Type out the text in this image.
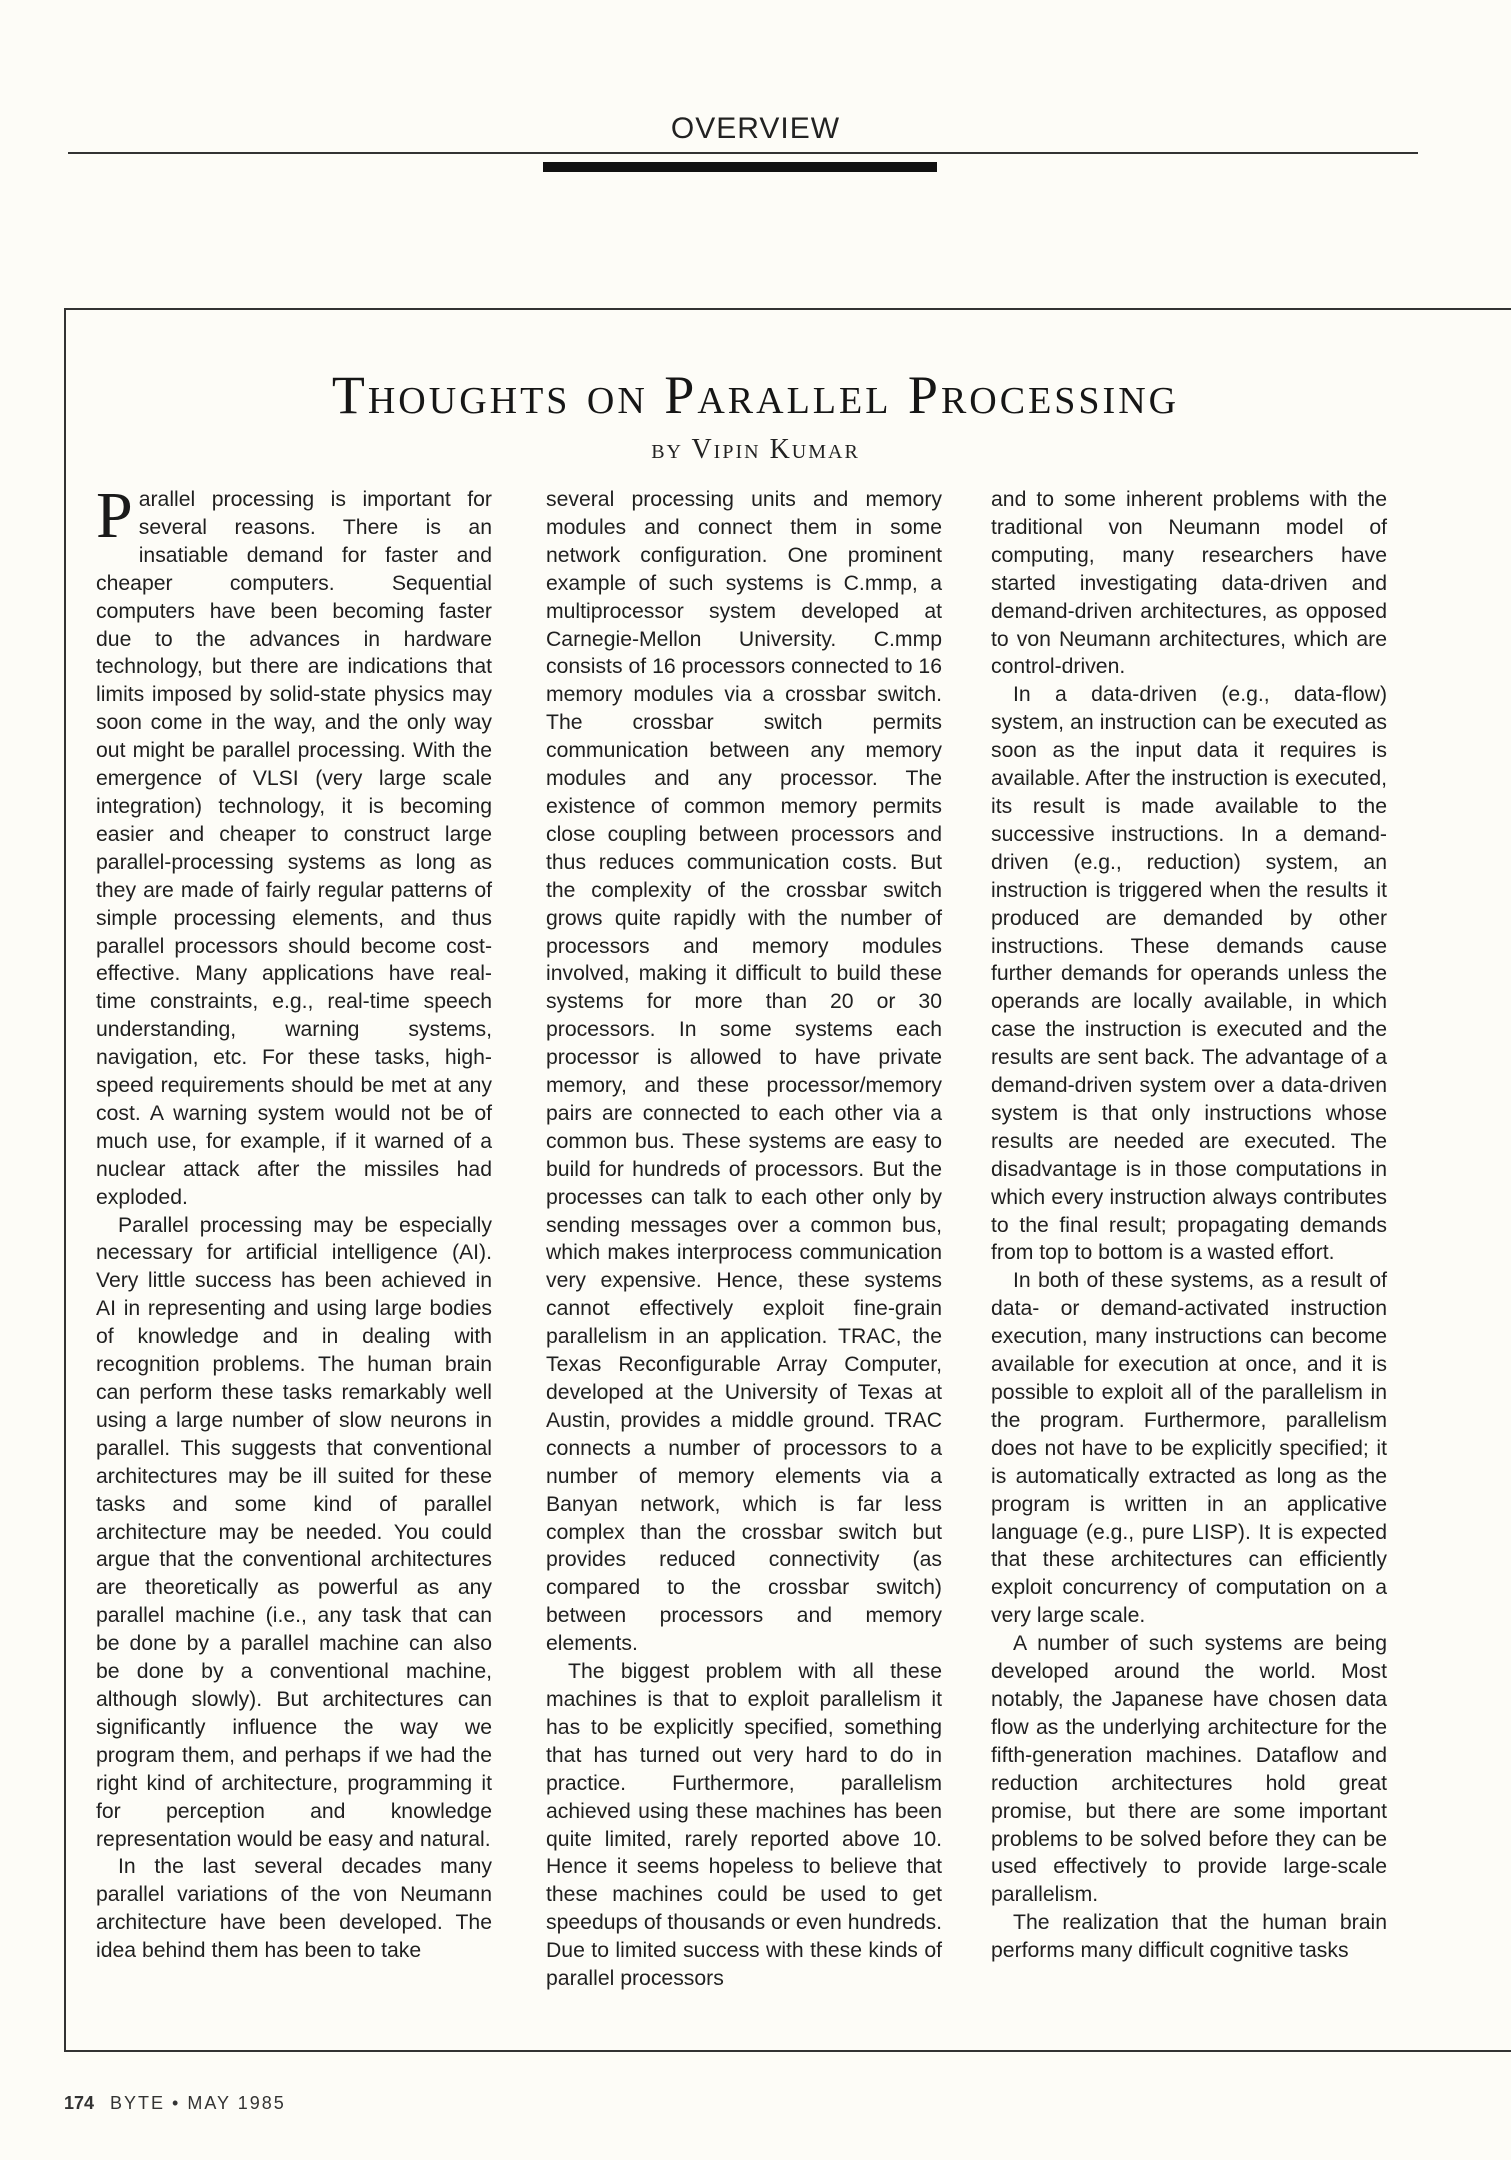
OVERVIEW
Thoughts on Parallel Processing
by Vipin Kumar

Parallel processing is important for several reasons. There is an insatiable demand for faster and cheaper computers. Sequential computers have been becoming faster due to the advances in hardware technology, but there are indications that limits imposed by solid-state physics may soon come in the way, and the only way out might be parallel processing. With the emergence of VLSI (very large scale integration) technology, it is becoming easier and cheaper to construct large parallel-processing systems as long as they are made of fairly regular patterns of simple processing elements, and thus parallel processors should become cost-effective. Many applications have real-time constraints, e.g., real-time speech understanding, warning systems, navigation, etc. For these tasks, high-speed requirements should be met at any cost. A warning system would not be of much use, for example, if it warned of a nuclear attack after the missiles had exploded.

Parallel processing may be especially necessary for artificial intelligence (AI). Very little success has been achieved in AI in representing and using large bodies of knowledge and in dealing with recognition problems. The human brain can perform these tasks remarkably well using a large number of slow neurons in parallel. This suggests that conventional architectures may be ill suited for these tasks and some kind of parallel architecture may be needed. You could argue that the conventional architectures are theoretically as powerful as any parallel machine (i.e., any task that can be done by a parallel machine can also be done by a conventional machine, although slowly). But architectures can significantly influence the way we program them, and perhaps if we had the right kind of architecture, programming it for perception and knowledge representation would be easy and natural.

In the last several decades many parallel variations of the von Neumann architecture have been developed. The idea behind them has been to take

several processing units and memory modules and connect them in some network configuration. One prominent example of such systems is C.mmp, a multiprocessor system developed at Carnegie-Mellon University. C.mmp consists of 16 processors connected to 16 memory modules via a crossbar switch. The crossbar switch permits communication between any memory modules and any processor. The existence of common memory permits close coupling between processors and thus reduces communication costs. But the complexity of the crossbar switch grows quite rapidly with the number of processors and memory modules involved, making it difficult to build these systems for more than 20 or 30 processors. In some systems each processor is allowed to have private memory, and these processor/memory pairs are connected to each other via a common bus. These systems are easy to build for hundreds of processors. But the processes can talk to each other only by sending messages over a common bus, which makes interprocess communication very expensive. Hence, these systems cannot effectively exploit fine-grain parallelism in an application. TRAC, the Texas Reconfigurable Array Computer, developed at the University of Texas at Austin, provides a middle ground. TRAC connects a number of processors to a number of memory elements via a Banyan network, which is far less complex than the crossbar switch but provides reduced connectivity (as compared to the crossbar switch) between processors and memory elements.

The biggest problem with all these machines is that to exploit parallelism it has to be explicitly specified, something that has turned out very hard to do in practice. Furthermore, parallelism achieved using these machines has been quite limited, rarely reported above 10. Hence it seems hopeless to believe that these machines could be used to get speedups of thousands or even hundreds. Due to limited success with these kinds of parallel processors

and to some inherent problems with the traditional von Neumann model of computing, many researchers have started investigating data-driven and demand-driven architectures, as opposed to von Neumann architectures, which are control-driven.

In a data-driven (e.g., data-flow) system, an instruction can be executed as soon as the input data it requires is available. After the instruction is executed, its result is made available to the successive instructions. In a demand-driven (e.g., reduction) system, an instruction is triggered when the results it produced are demanded by other instructions. These demands cause further demands for operands unless the operands are locally available, in which case the instruction is executed and the results are sent back. The advantage of a demand-driven system over a data-driven system is that only instructions whose results are needed are executed. The disadvantage is in those computations in which every instruction always contributes to the final result; propagating demands from top to bottom is a wasted effort.

In both of these systems, as a result of data- or demand-activated instruction execution, many instructions can become available for execution at once, and it is possible to exploit all of the parallelism in the program. Furthermore, parallelism does not have to be explicitly specified; it is automatically extracted as long as the program is written in an applicative language (e.g., pure LISP). It is expected that these architectures can efficiently exploit concurrency of computation on a very large scale.

A number of such systems are being developed around the world. Most notably, the Japanese have chosen data flow as the underlying architecture for the fifth-generation machines. Dataflow and reduction architectures hold great promise, but there are some important problems to be solved before they can be used effectively to provide large-scale parallelism.

The realization that the human brain performs many difficult cognitive tasks

174 BYTE • MAY 1985
